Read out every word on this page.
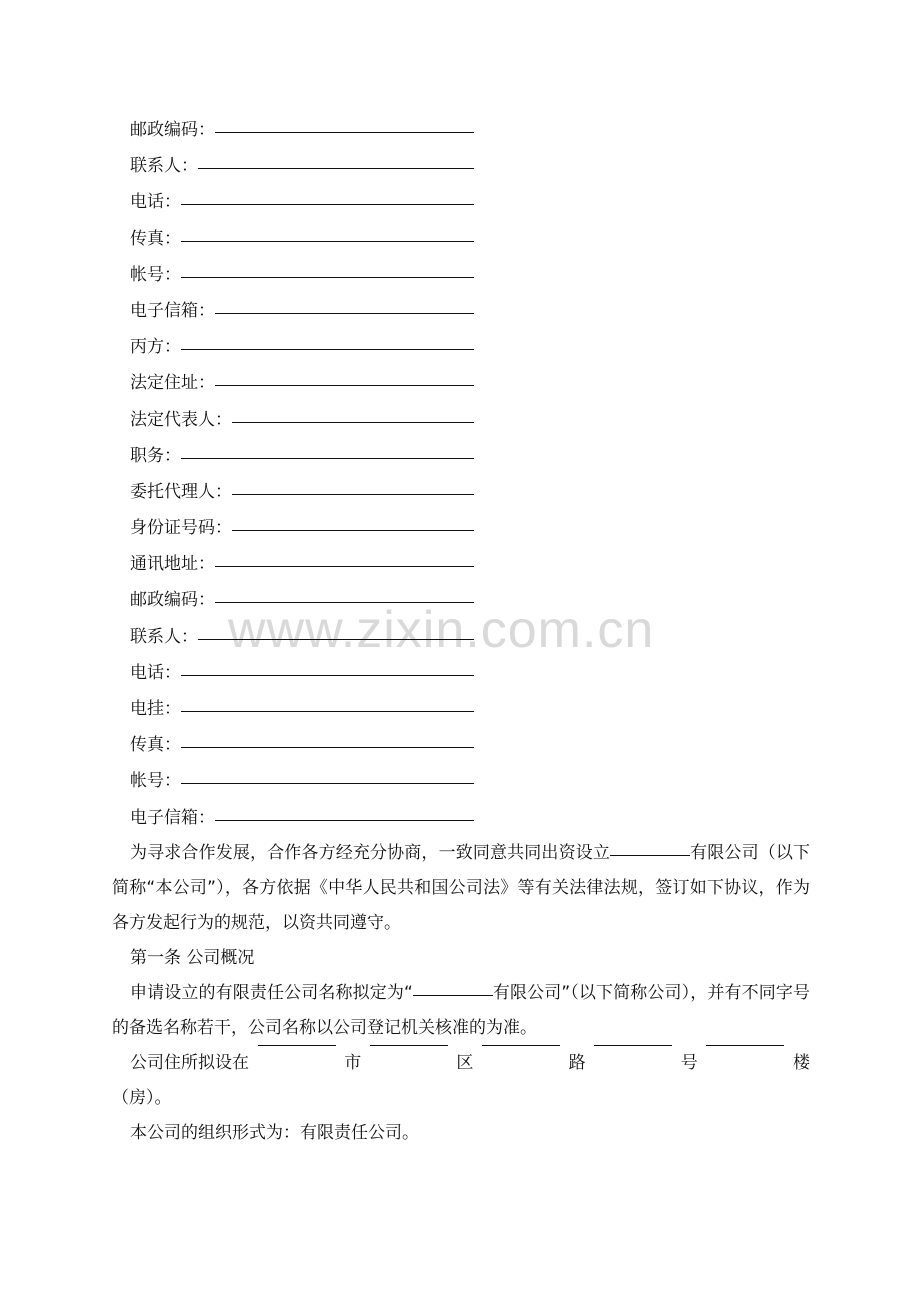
www.zixin.com.cn
邮政编码：
联系人：
电话：
传真：
帐号：
电子信箱：
丙方：
法定住址：
法定代表人：
职务：
委托代理人：
身份证号码：
通讯地址：
邮政编码：
联系人：
电话：
电挂：
传真：
帐号：
电子信箱：

为寻求合作发展，合作各方经充分协商，一致同意共同出资设立	有限公司（以下简称“本公司”），各方依据《中华人民共和国公司法》等有关法律法规，签订如下协议，作为各方发起行为的规范，以资共同遵守。

第一条 公司概况

申请设立的有限责任公司名称拟定为“	有限公司”（以下简称公司），并有不同字号的备选名称若干，公司名称以公司登记机关核准的为准。

公司住所拟设在	市	区	路	号	楼

（房）。

本公司的组织形式为：有限责任公司。
